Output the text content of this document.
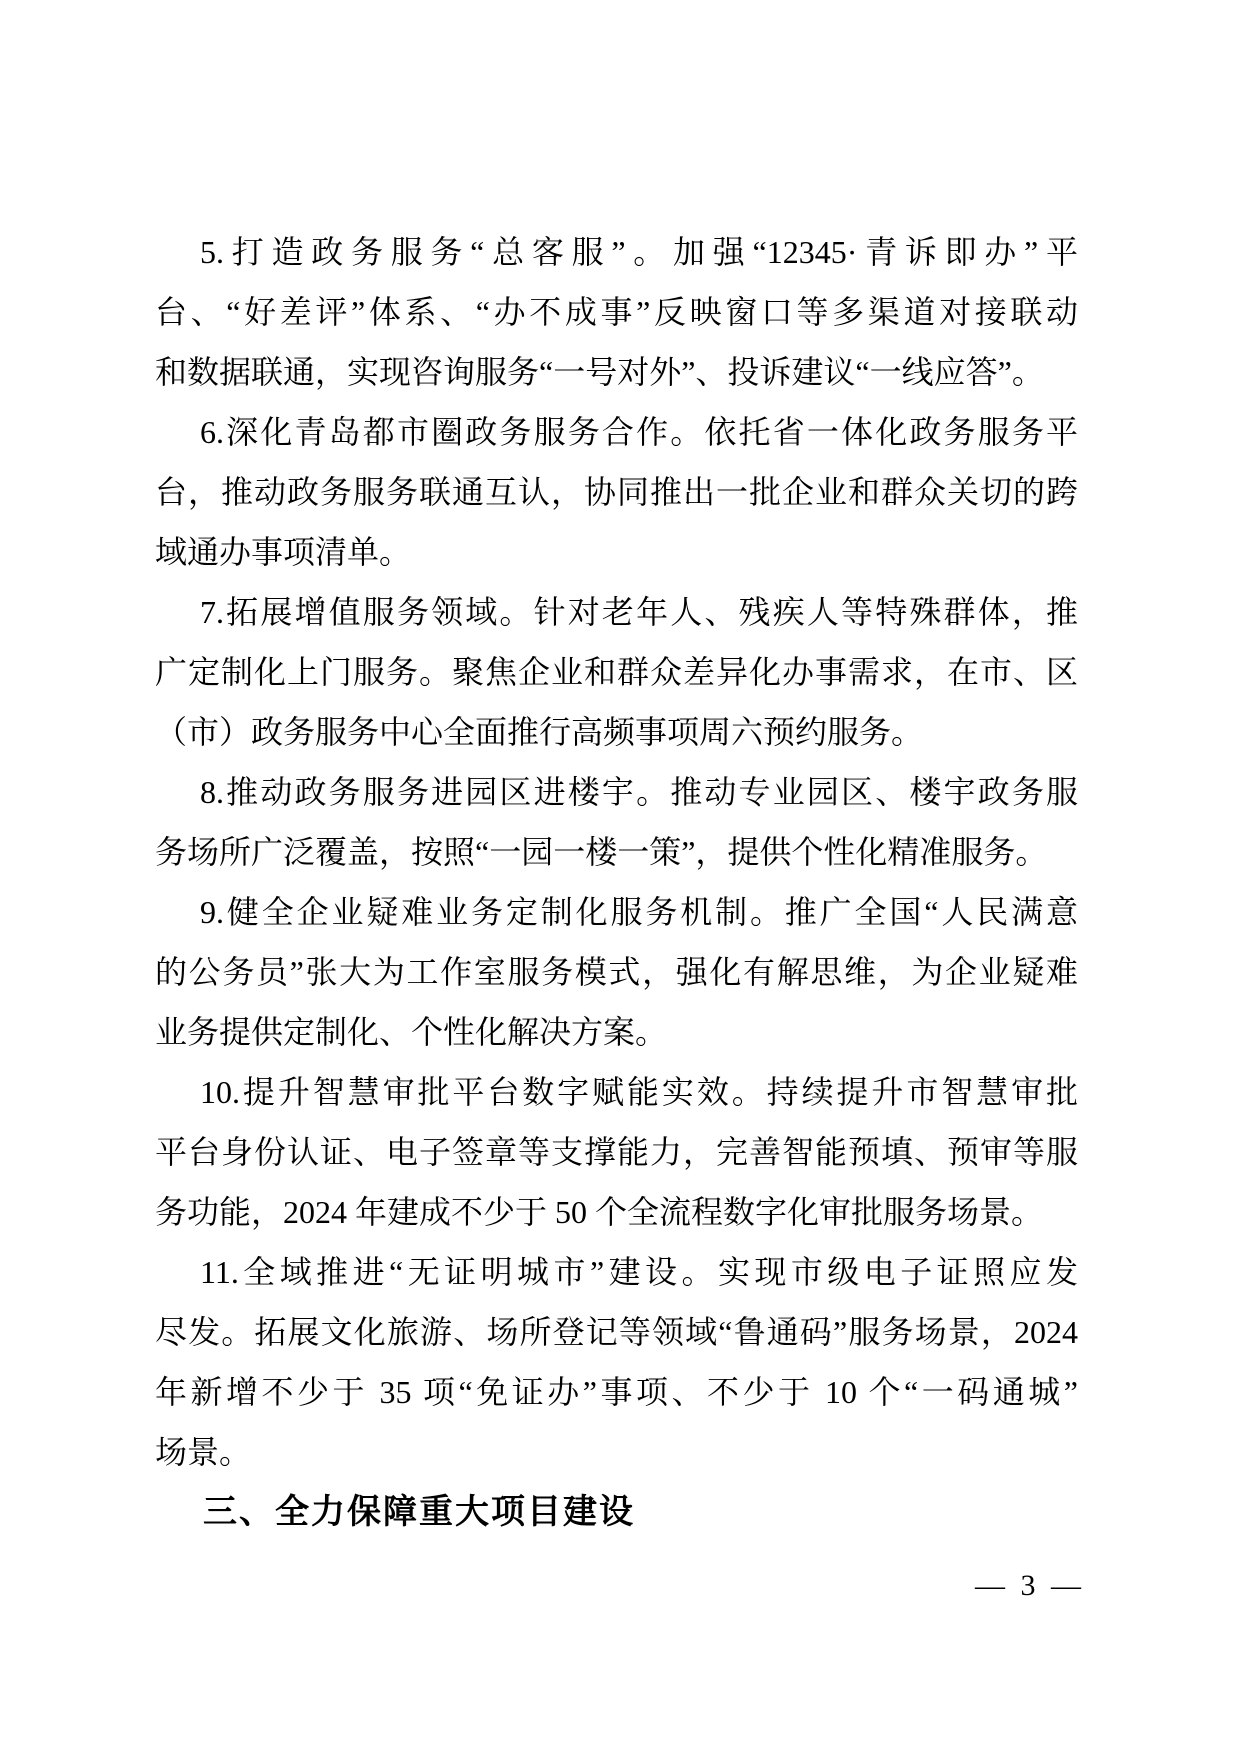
5.打造政务服务“总客服”。加强“12345·青诉即办”平
台、“好差评”体系、“办不成事”反映窗口等多渠道对接联动
和数据联通，实现咨询服务“一号对外”、投诉建议“一线应答”。
6.深化青岛都市圈政务服务合作。依托省一体化政务服务平
台，推动政务服务联通互认，协同推出一批企业和群众关切的跨
域通办事项清单。
7.拓展增值服务领域。针对老年人、残疾人等特殊群体，推
广定制化上门服务。聚焦企业和群众差异化办事需求，在市、区
（市）政务服务中心全面推行高频事项周六预约服务。
8.推动政务服务进园区进楼宇。推动专业园区、楼宇政务服
务场所广泛覆盖，按照“一园一楼一策”，提供个性化精准服务。
9.健全企业疑难业务定制化服务机制。推广全国“人民满意
的公务员”张大为工作室服务模式，强化有解思维，为企业疑难
业务提供定制化、个性化解决方案。
10.提升智慧审批平台数字赋能实效。持续提升市智慧审批
平台身份认证、电子签章等支撑能力，完善智能预填、预审等服
务功能，2024 年建成不少于 50 个全流程数字化审批服务场景。
11.全域推进“无证明城市”建设。实现市级电子证照应发
尽发。拓展文化旅游、场所登记等领域“鲁通码”服务场景，2024
年新增不少于 35 项“免证办”事项、不少于 10 个“一码通城”
场景。
三、全力保障重大项目建设
— 3 —
